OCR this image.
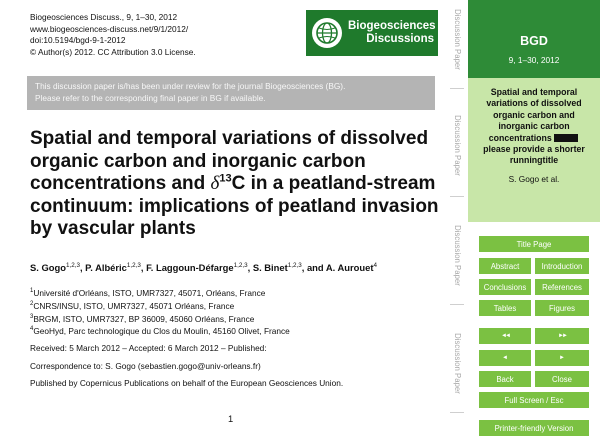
Biogeosciences Discuss., 9, 1–30, 2012
www.biogeosciences-discuss.net/9/1/2012/
doi:10.5194/bgd-9-1-2012
© Author(s) 2012. CC Attribution 3.0 License.
Biogeosciences
Discussions
This discussion paper is/has been under review for the journal Biogeosciences (BG).
Please refer to the corresponding final paper in BG if available.
Spatial and temporal variations of dissolved organic carbon and inorganic carbon concentrations and $\delta^{13}C$ in a peatland-stream continuum: implications of peatland invasion by vascular plants
S. Gogo$^{1,2,3}$, P. Albéric$^{1,2,3}$, F. Laggoun-Défarge$^{1,2,3}$, S. Binet$^{1,2,3}$, and A. Aurouet$^4$
$^1$Université d'Orléans, ISTO, UMR7327, 45071, Orléans, France
$^2$CNRS/INSU, ISTO, UMR7327, 45071 Orléans, France
$^3$BRGM, ISTO, UMR7327, BP 36009, 45060 Orléans, France
$^4$GeoHyd, Parc technologique du Clos du Moulin, 45160 Olivet, France
Received: 5 March 2012 – Accepted: 6 March 2012 – Published:
Correspondence to: S. Gogo (sebastien.gogo@univ-orleans.fr)
Published by Copernicus Publications on behalf of the European Geosciences Union.
1
Discussion Paper
Discussion Paper
Discussion Paper
Discussion Paper
BGD
9, 1–30, 2012
Spatial and temporal variations of dissolved organic carbon and inorganic carbon concentrations please provide a shorter runningtitle
S. Gogo et al.
Title Page
Abstract	Introduction
Conclusions	References
Tables	Figures
◄◄	►►
◄	►
Back	Close
Full Screen / Esc
Printer-friendly Version
